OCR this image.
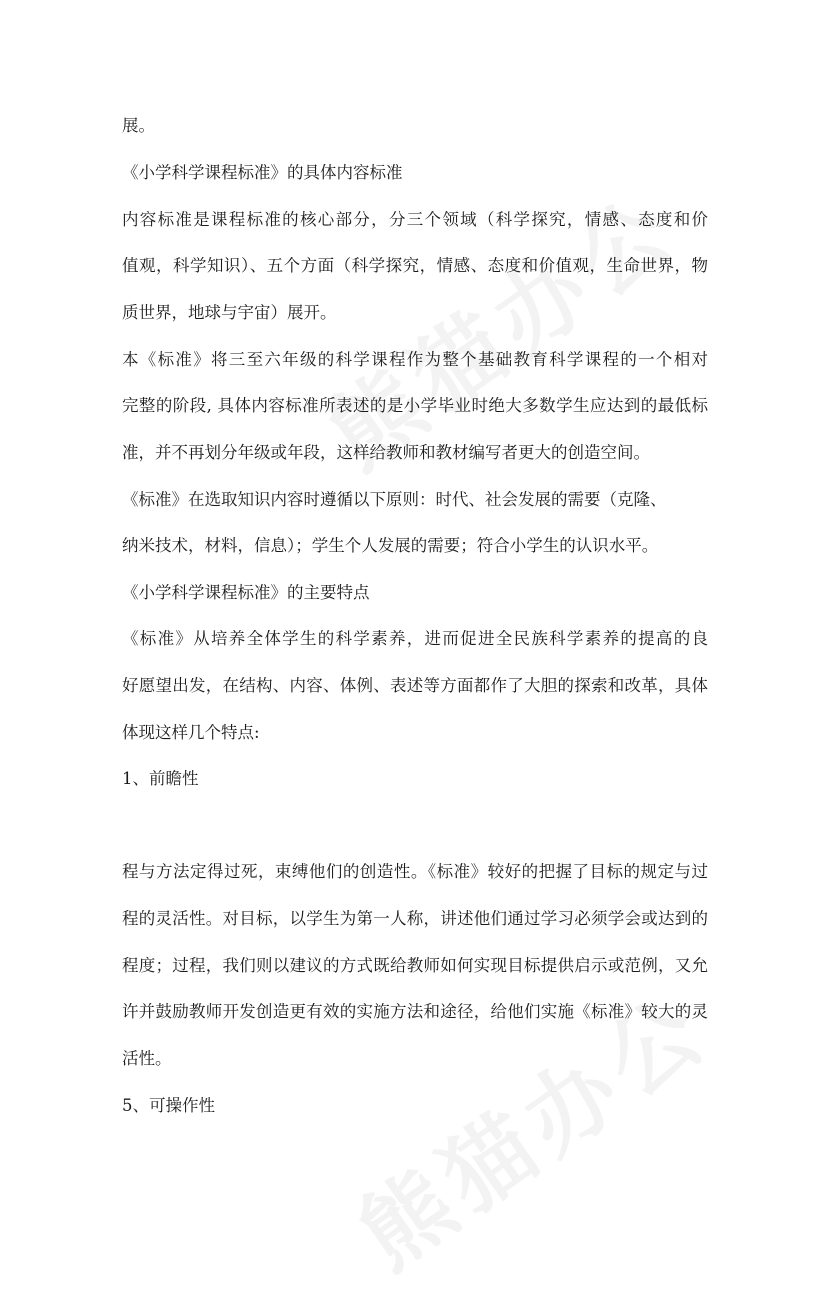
展。
《小学科学课程标准》的具体内容标准
内容标准是课程标准的核心部分，分三个领域（科学探究，情感、态度和价
值观，科学知识）、五个方面（科学探究，情感、态度和价值观，生命世界，物
质世界，地球与宇宙）展开。
本《标准》将三至六年级的科学课程作为整个基础教育科学课程的一个相对
完整的阶段, 具体内容标准所表述的是小学毕业时绝大多数学生应达到的最低标
准，并不再划分年级或年段，这样给教师和教材编写者更大的创造空间。
《标准》在选取知识内容时遵循以下原则：时代、社会发展的需要（克隆、
纳米技术，材料，信息）；学生个人发展的需要；符合小学生的认识水平。
《小学科学课程标准》的主要特点
《标准》从培养全体学生的科学素养，进而促进全民族科学素养的提高的良
好愿望出发，在结构、内容、体例、表述等方面都作了大胆的探索和改革，具体
体现这样几个特点:
1、前瞻性
程与方法定得过死，束缚他们的创造性。《标准》较好的把握了目标的规定与过
程的灵活性。对目标，以学生为第一人称，讲述他们通过学习必须学会或达到的
程度；过程，我们则以建议的方式既给教师如何实现目标提供启示或范例，又允
许并鼓励教师开发创造更有效的实施方法和途径，给他们实施《标准》较大的灵
活性。
5、可操作性
